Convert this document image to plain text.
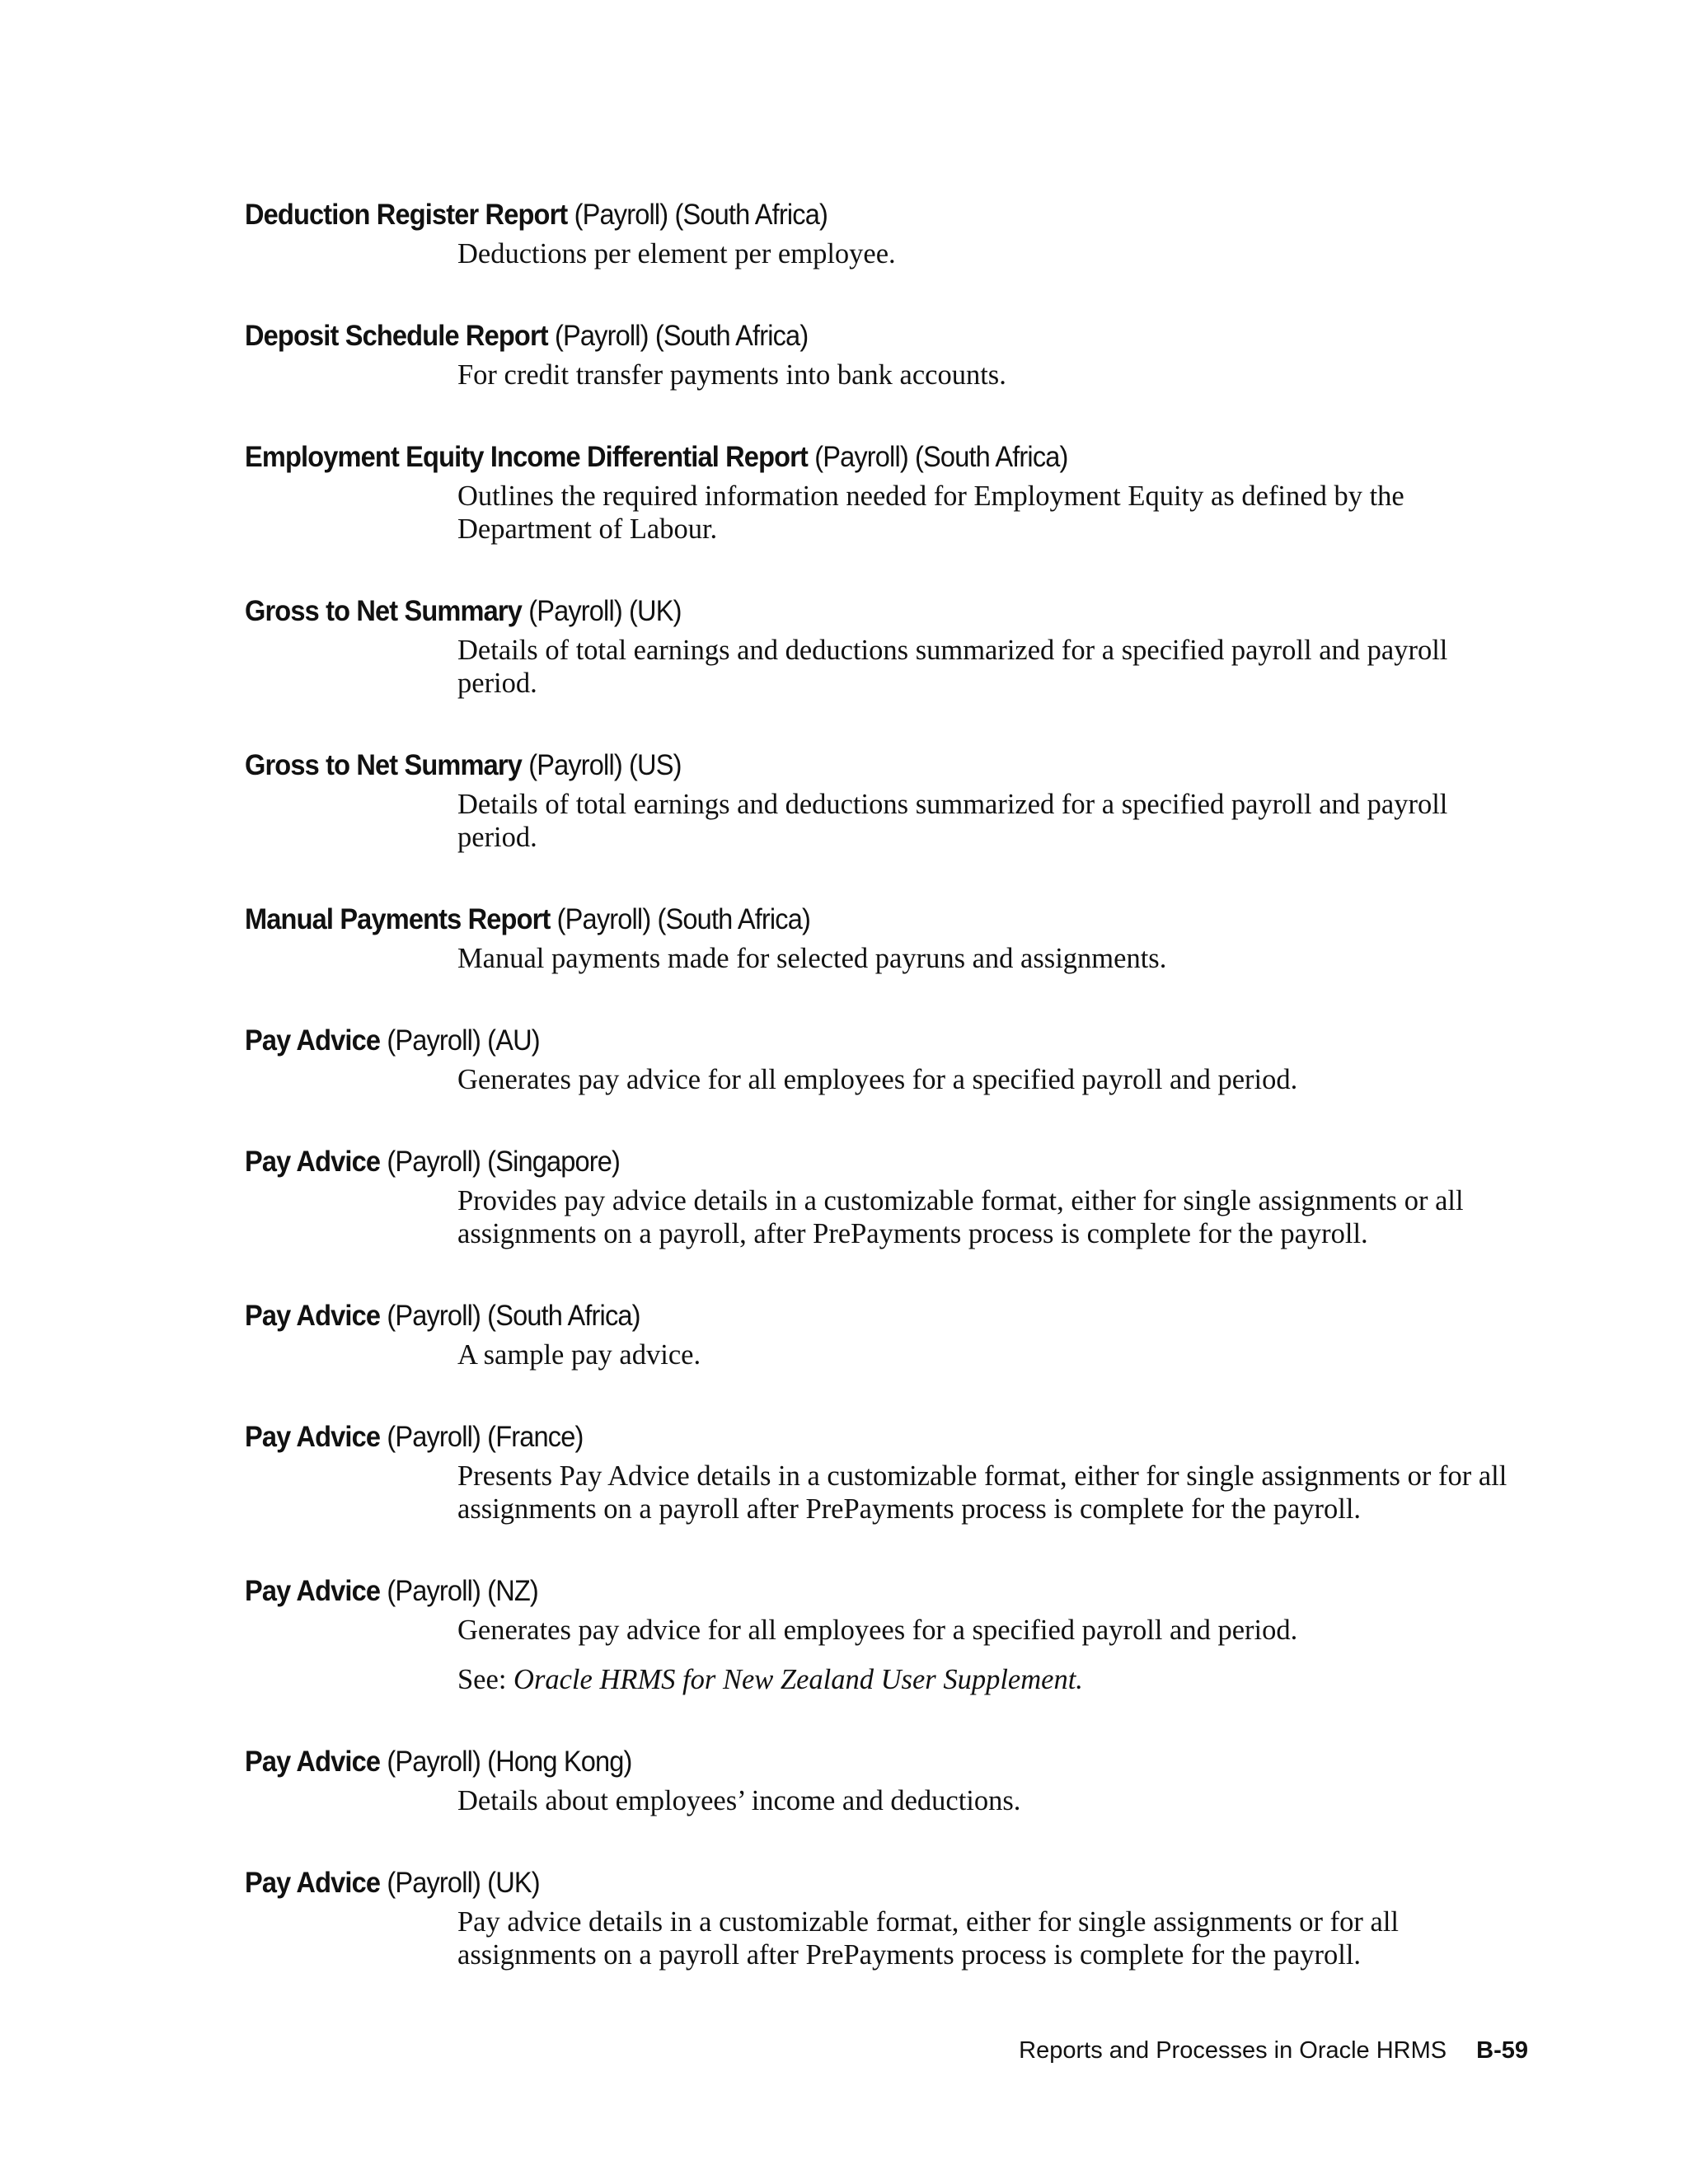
Deduction Register Report (Payroll) (South Africa)

Deductions per element per employee.

Deposit Schedule Report (Payroll) (South Africa)

For credit transfer payments into bank accounts.

Employment Equity Income Differential Report (Payroll) (South Africa)

Outlines the required information needed for Employment Equity as defined by the Department of Labour.

Gross to Net Summary (Payroll) (UK)

Details of total earnings and deductions summarized for a specified payroll and payroll period.

Gross to Net Summary (Payroll) (US)

Details of total earnings and deductions summarized for a specified payroll and payroll period.

Manual Payments Report (Payroll) (South Africa)

Manual payments made for selected payruns and assignments.

Pay Advice (Payroll) (AU)

Generates pay advice for all employees for a specified payroll and period.

Pay Advice (Payroll) (Singapore)

Provides pay advice details in a customizable format, either for single assignments or all assignments on a payroll, after PrePayments process is complete for the payroll.

Pay Advice (Payroll) (South Africa)

A sample pay advice.

Pay Advice (Payroll) (France)

Presents Pay Advice details in a customizable format, either for single assignments or for all assignments on a payroll after PrePayments process is complete for the payroll.

Pay Advice (Payroll) (NZ)

Generates pay advice for all employees for a specified payroll and period.

See: Oracle HRMS for New Zealand User Supplement.

Pay Advice (Payroll) (Hong Kong)

Details about employees’ income and deductions.

Pay Advice (Payroll) (UK)

Pay advice details in a customizable format, either for single assignments or for all assignments on a payroll after PrePayments process is complete for the payroll.

Reports and Processes in Oracle HRMS B-59
